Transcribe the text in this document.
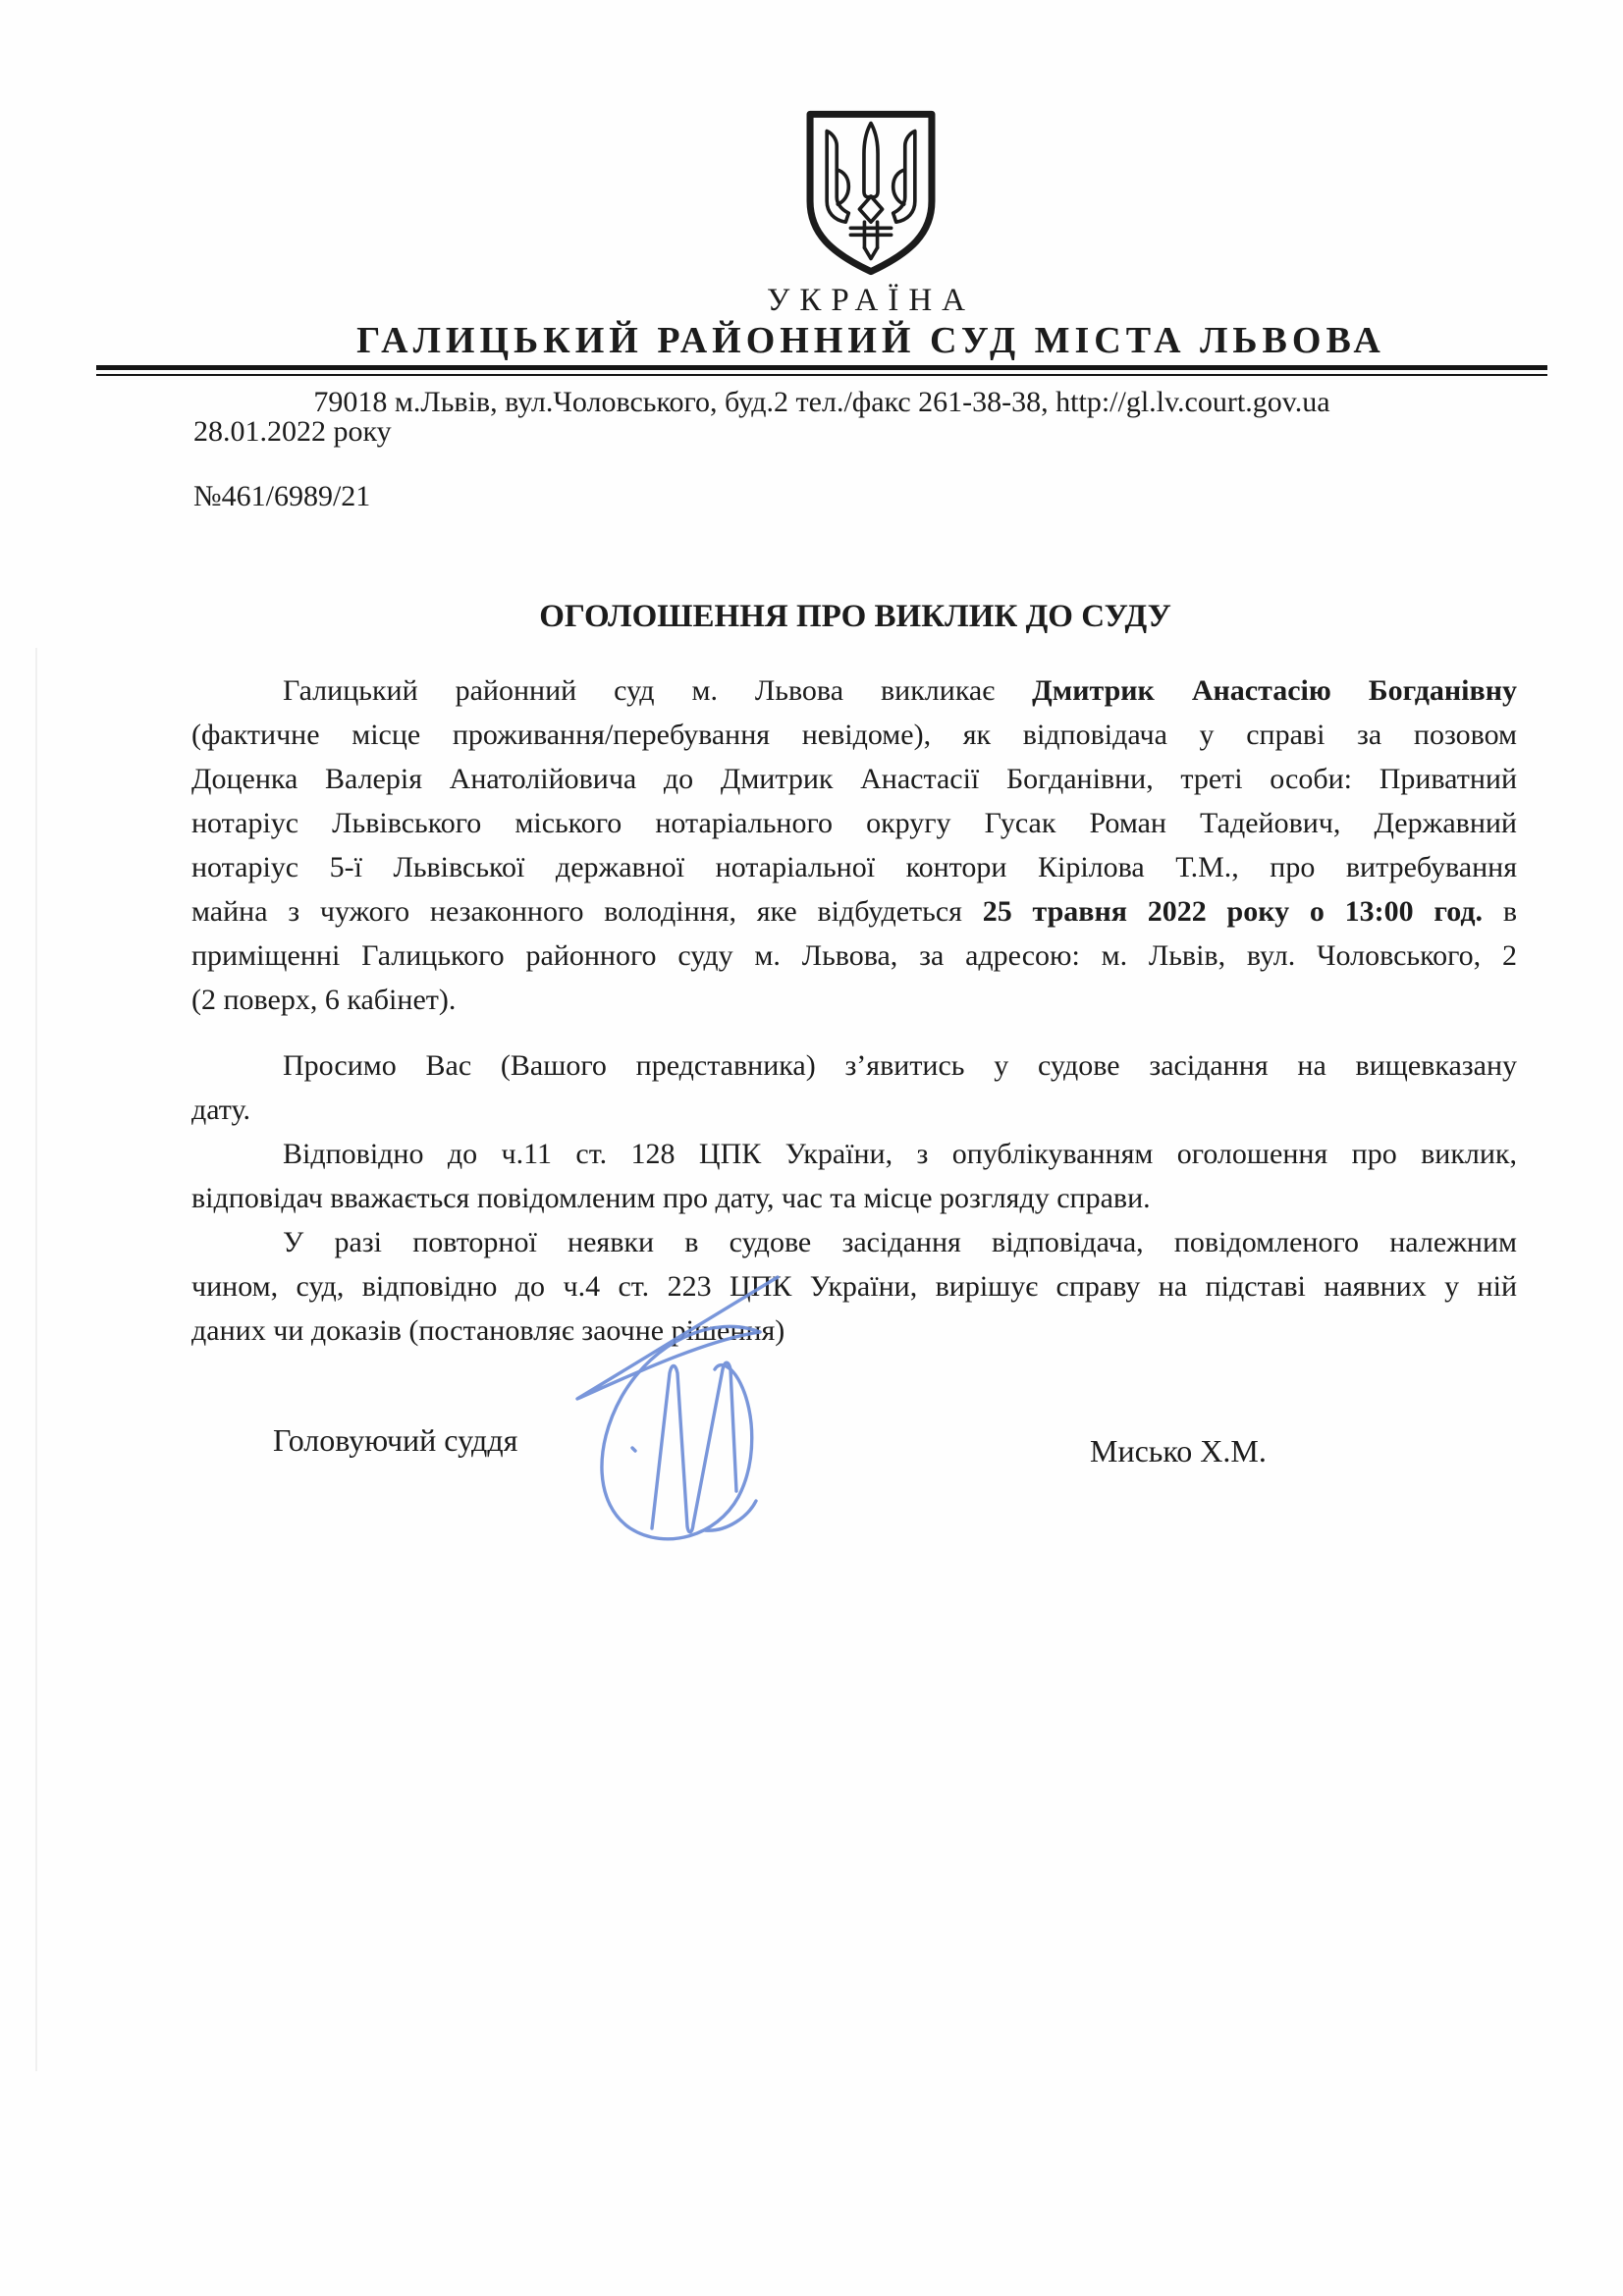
УКРАЇНА
ГАЛИЦЬКИЙ РАЙОННИЙ СУД МІСТА ЛЬВОВА
79018 м.Львів, вул.Чоловського, буд.2 тел./факс 261-38-38, http://gl.lv.court.gov.ua
28.01.2022 року
№461/6989/21
ОГОЛОШЕННЯ ПРО ВИКЛИК ДО СУДУ
Галицький районний суд м. Львова викликає Дмитрик Анастасію Богданівну
(фактичне місце проживання/перебування невідоме), як відповідача у справі за позовом
Доценка Валерія Анатолійовича до Дмитрик Анастасії Богданівни, треті особи: Приватний
нотаріус Львівського міського нотаріального округу Гусак Роман Тадейович, Державний
нотаріус 5-ї Львівської державної нотаріальної контори Кірілова Т.М., про витребування
майна з чужого незаконного володіння, яке відбудеться 25 травня 2022 року о 13:00 год. в
приміщенні Галицького районного суду м. Львова, за адресою: м. Львів, вул. Чоловського, 2
(2 поверх, 6 кабінет).
Просимо Вас (Вашого представника) з’явитись у судове засідання на вищевказану
дату.
Відповідно до ч.11 ст. 128 ЦПК України, з опублікуванням оголошення про виклик,
відповідач вважається повідомленим про дату, час та місце розгляду справи.
У разі повторної неявки в судове засідання відповідача, повідомленого належним
чином, суд, відповідно до ч.4 ст. 223 ЦПК України, вирішує справу на підставі наявних у ній
даних чи доказів (постановляє заочне рішення)
Головуючий суддя	Мисько Х.М.
